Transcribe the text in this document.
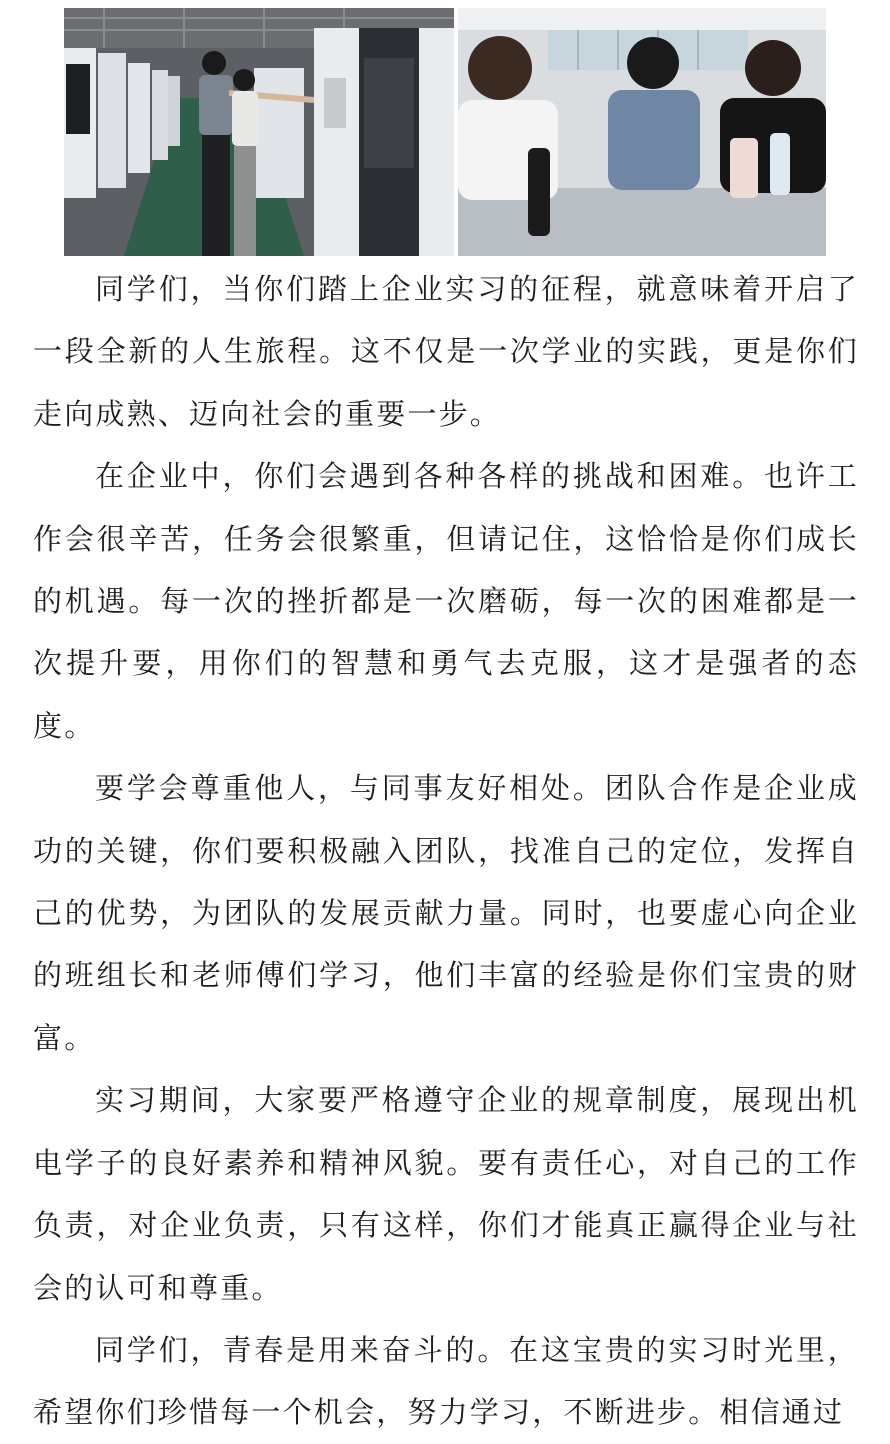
同学们，当你们踏上企业实习的征程，就意味着开启了一段全新的人生旅程。这不仅是一次学业的实践，更是你们走向成熟、迈向社会的重要一步。

在企业中，你们会遇到各种各样的挑战和困难。也许工作会很辛苦，任务会很繁重，但请记住，这恰恰是你们成长的机遇。每一次的挫折都是一次磨砺，每一次的困难都是一次提升要，用你们的智慧和勇气去克服，这才是强者的态度。

要学会尊重他人，与同事友好相处。团队合作是企业成功的关键，你们要积极融入团队，找准自己的定位，发挥自己的优势，为团队的发展贡献力量。同时，也要虚心向企业的班组长和老师傅们学习，他们丰富的经验是你们宝贵的财富。

实习期间，大家要严格遵守企业的规章制度，展现出机电学子的良好素养和精神风貌。要有责任心，对自己的工作负责，对企业负责，只有这样，你们才能真正赢得企业与社会的认可和尊重。

同学们，青春是用来奋斗的。在这宝贵的实习时光里，希望你们珍惜每一个机会，努力学习，不断进步。相信通过
